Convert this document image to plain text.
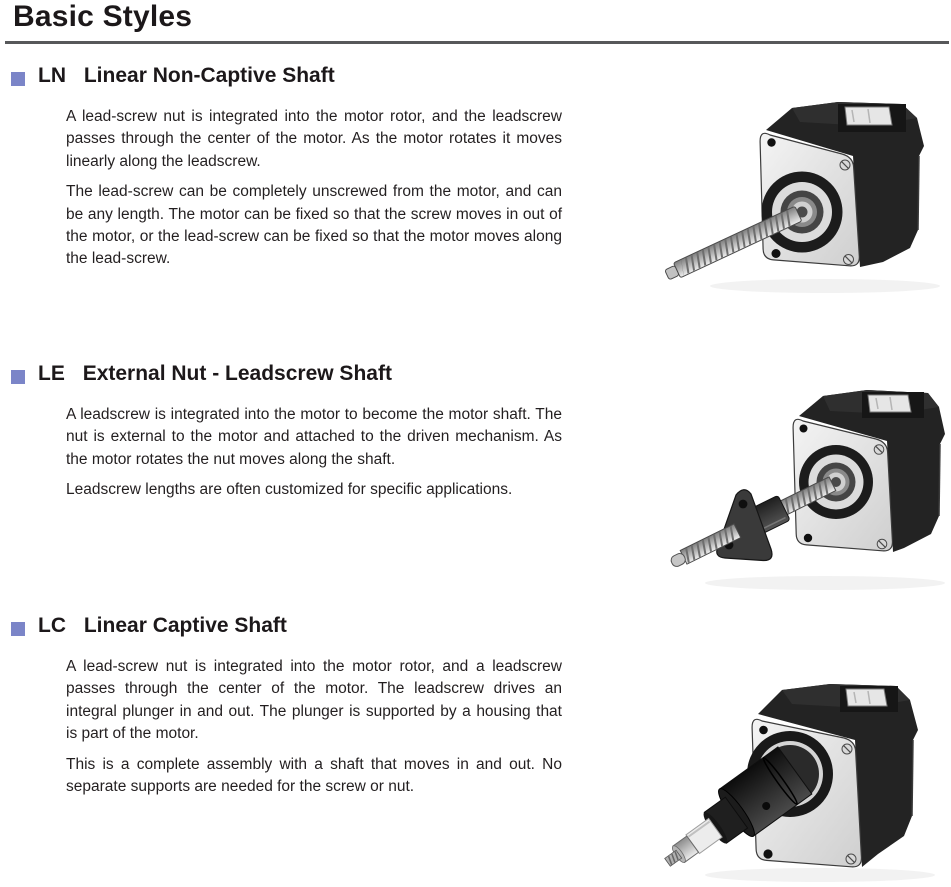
Basic Styles
LN Linear Non-Captive Shaft

A lead-screw nut is integrated into the motor rotor, and the leadscrew passes through the center of the motor. As the motor rotates it moves linearly along the leadscrew.

The lead-screw can be completely unscrewed from the motor, and can be any length. The motor can be fixed so that the screw moves in out of the motor, or the lead-screw can be fixed so that the motor moves along the lead-screw.

LE External Nut - Leadscrew Shaft

A leadscrew is integrated into the motor to become the motor shaft. The nut is external to the motor and attached to the driven mechanism. As the motor rotates the nut moves along the shaft.

Leadscrew lengths are often customized for specific applications.

LC Linear Captive Shaft

A lead-screw nut is integrated into the motor rotor, and a leadscrew passes through the center of the motor. The leadscrew drives an integral plunger in and out. The plunger is supported by a housing that is part of the motor.

This is a complete assembly with a shaft that moves in and out. No separate supports are needed for the screw or nut.
